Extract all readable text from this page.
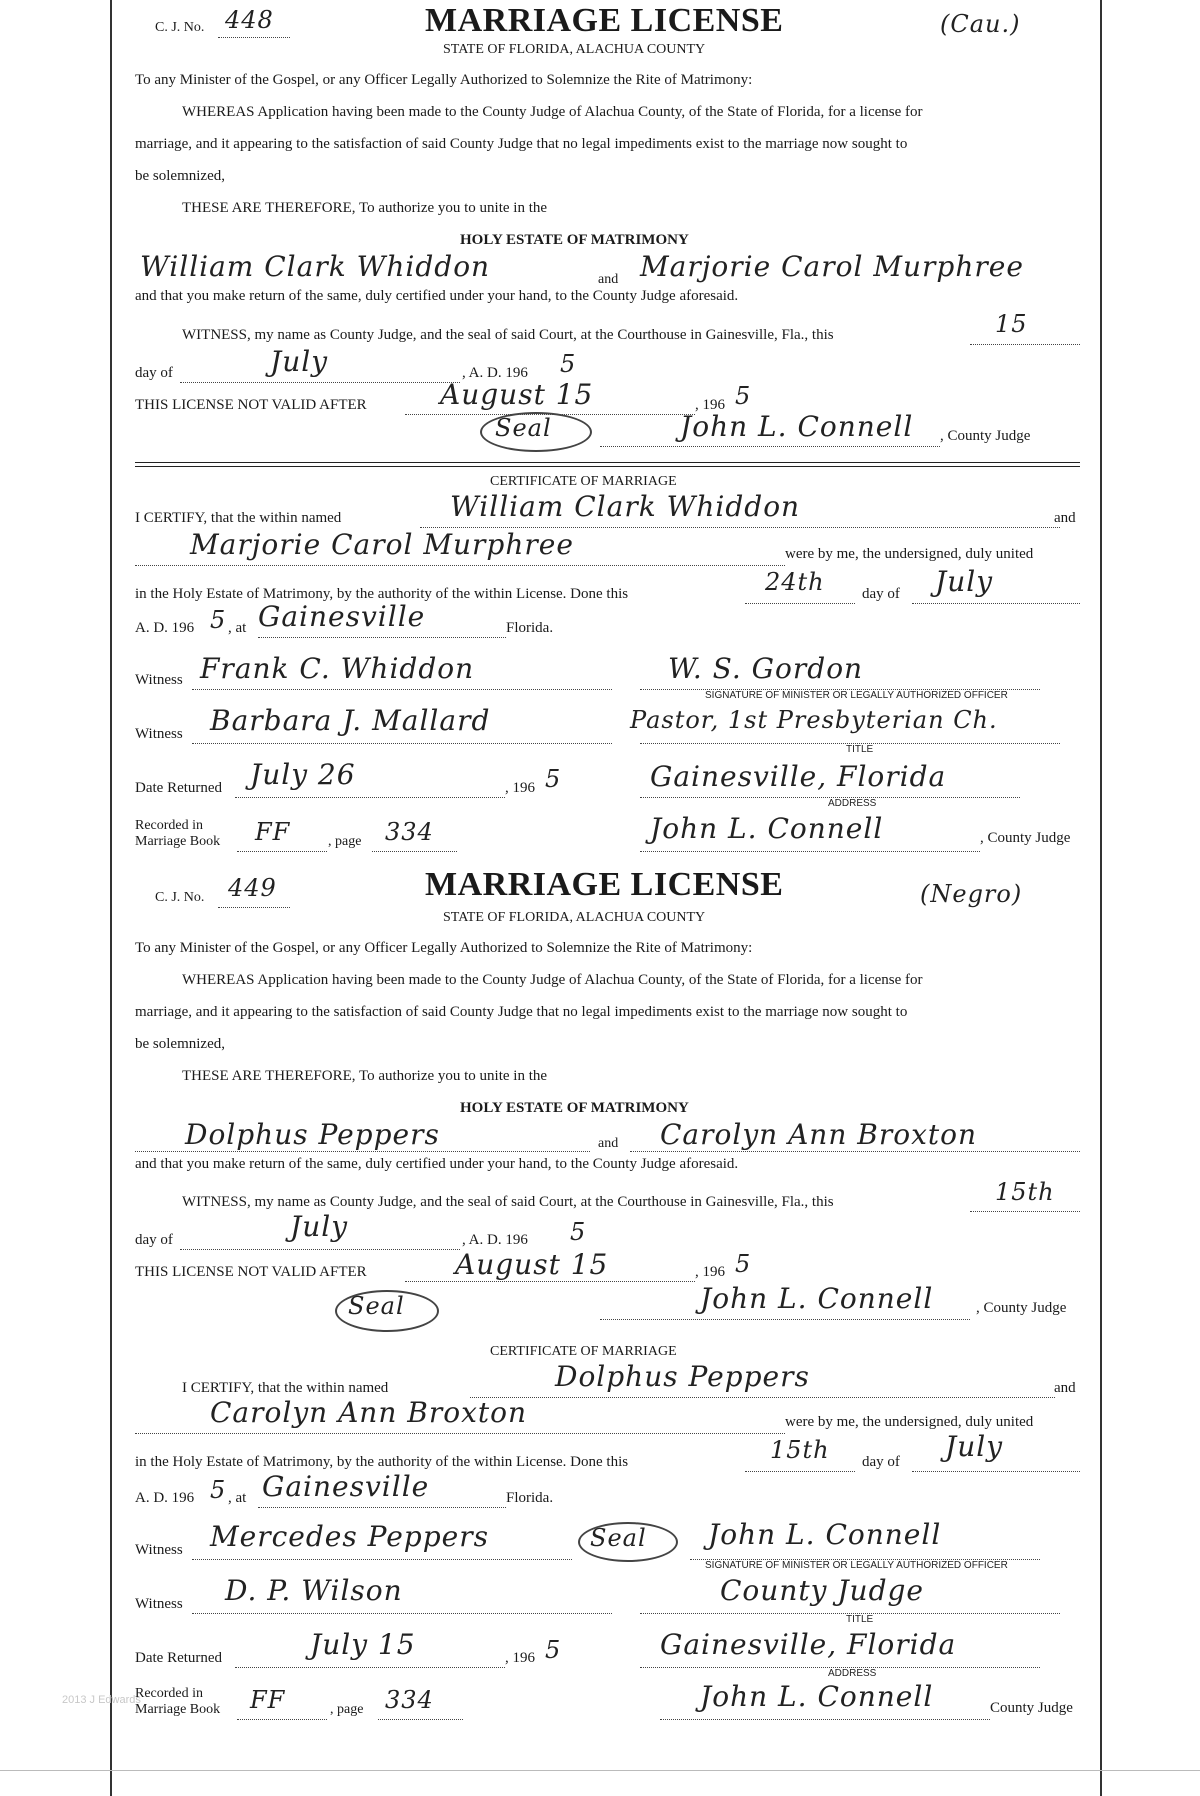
C. J. No. 448	MARRIAGE LICENSE	(Cau.)
STATE OF FLORIDA, ALACHUA COUNTY
To any Minister of the Gospel, or any Officer Legally Authorized to Solemnize the Rite of Matrimony:
WHEREAS Application having been made to the County Judge of Alachua County, of the State of Florida, for a license for
marriage, and it appearing to the satisfaction of said County Judge that no legal impediments exist to the marriage now sought to
be solemnized,
THESE ARE THEREFORE, To authorize you to unite in the
HOLY ESTATE OF MATRIMONY
William Clark Whiddon	and Marjorie Carol Murphree
and that you make return of the same, duly certified under your hand, to the County Judge aforesaid.
WITNESS, my name as County Judge, and the seal of said Court, at the Courthouse in Gainesville, Fla., this	15
day of	July	, A. D. 196 5
THIS LICENSE NOT VALID AFTER	August 15	, 196 5
Seal	John L. Connell , County Judge
CERTIFICATE OF MARRIAGE
I CERTIFY, that the within named	William Clark Whiddon	and
Marjorie Carol Murphree	were by me, the undersigned, duly united
in the Holy Estate of Matrimony, by the authority of the within License. Done this	24th day of July
A. D. 196 5 , at Gainesville	Florida.
Witness Frank C. Whiddon	W. S. Gordon
SIGNATURE OF MINISTER OR LEGALLY AUTHORIZED OFFICER
Witness Barbara J. Mallard	Pastor, 1st Presbyterian Ch.
TITLE
Date Returned July 26	, 196 5	Gainesville, Florida
ADDRESS
Recorded in
Marriage Book FF	, page 334	John L. Connell	, County Judge
C. J. No. 449	MARRIAGE LICENSE	(Negro)
STATE OF FLORIDA, ALACHUA COUNTY
To any Minister of the Gospel, or any Officer Legally Authorized to Solemnize the Rite of Matrimony:
WHEREAS Application having been made to the County Judge of Alachua County, of the State of Florida, for a license for
marriage, and it appearing to the satisfaction of said County Judge that no legal impediments exist to the marriage now sought to
be solemnized,
THESE ARE THEREFORE, To authorize you to unite in the
HOLY ESTATE OF MATRIMONY
Dolphus Peppers	and Carolyn Ann Broxton
and that you make return of the same, duly certified under your hand, to the County Judge aforesaid.
WITNESS, my name as County Judge, and the seal of said Court, at the Courthouse in Gainesville, Fla., this	15th
day of	July	, A. D. 196 5
THIS LICENSE NOT VALID AFTER	August 15	, 196 5
Seal	John L. Connell	, County Judge
CERTIFICATE OF MARRIAGE
I CERTIFY, that the within named	Dolphus Peppers	and
Carolyn Ann Broxton	were by me, the undersigned, duly united
in the Holy Estate of Matrimony, by the authority of the within License. Done this	15th day of July
A. D. 196 5 , at Gainesville	Florida.
Witness Mercedes Peppers	Seal John L. Connell
SIGNATURE OF MINISTER OR LEGALLY AUTHORIZED OFFICER
Witness D. P. Wilson	County Judge
TITLE
Date Returned	July 15	, 196 5	Gainesville, Florida
ADDRESS
Recorded in
Marriage Book FF	, page 334	John L. Connell	County Judge
2013 J Edwards
